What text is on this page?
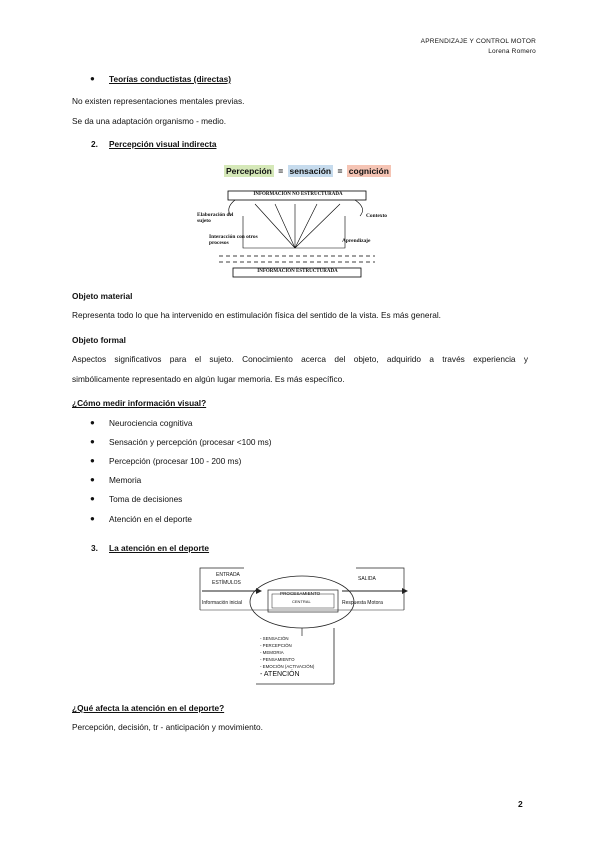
APRENDIZAJE Y CONTROL MOTOR
Lorena Romero
● Teorías conductistas (directas)
No existen representaciones mentales previas.
Se da una adaptación organismo - medio.
2. Percepción visual indirecta
Percepción = sensación = cognición
INFORMACIÓN NO ESTRUCTURADA
Elaboración del sujeto
Contexto
Interacción con otros procesos	Aprendizaje
INFORMACIÓN ESTRUCTURADA
Objeto material
Representa todo lo que ha intervenido en estimulación física del sentido de la vista. Es más general.
Objeto formal
Aspectos significativos para el sujeto. Conocimiento acerca del objeto, adquirido a través experiencia y
simbólicamente representado en algún lugar memoria. Es más específico.
¿Cómo medir información visual?
● Neurociencia cognitiva
● Sensación y percepción (procesar <100 ms)
● Percepción (procesar 100 - 200 ms)
● Memoria
● Toma de decisiones
● Atención en el deporte
3. La atención en el deporte
ENTRADA
ESTÍMULOS
Información inicial
PROCESAMIENTO
CENTRAL
SALIDA
Respuesta Motora
- SENSACIÓN
- PERCEPCIÓN
- MEMORIA
- PENSAMIENTO
- EMOCIÓN (ACTIVACIÓN)
- ATENCIÓN
¿Qué afecta la atención en el deporte?
Percepción, decisión, tr - anticipación y movimiento.
2
